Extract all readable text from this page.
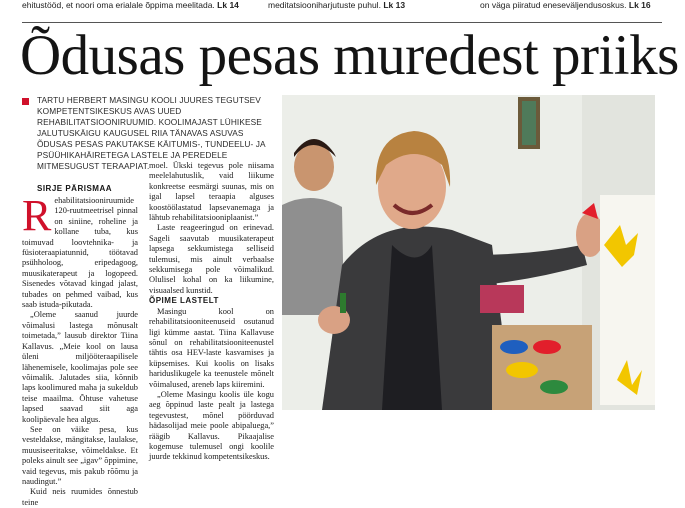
ehitustööd, et noori oma erialale õppima meelitada. Lk 14	meditatsiooniharjutuste puhul. Lk 13	on väga piiratud eneseväljendusoskus. Lk 16
Õdusas pesas muredest priiks
TARTU HERBERT MASINGU KOOLI JUURES TEGUTSEV KOMPETENTSIKESKUS AVAS UUED REHABILITATSIOONIRUUMID. KOOLIMAJAST LÜHIKESE JALUTUSKÄIGU KAUGUSEL RIIA TÄNAVAS ASUVAS ÕDUSAS PESAS PAKUTAKSE KÄITUMIS-, TUNDEELU- JA PSÜÜHIKAHÄIRETEGA LASTELE JA PEREDELE MITMESUGUST TERAAPIAT.
SIRJE PÄRISMAA

Rehabilitatsiooniruumide 120-ruutmeetrisel pinnal on siniine, roheline ja kollane tuba, kus toimuvad loovtehnika- ja füsioteraapiatunnid, töötavad psühholoog, eripedagoog, muusikaterapeut ja logopeed. Sisenedes võtavad kingad jalast, tubades on pehmed vaibad, kus saab istuda-pikutada.

„Oleme saanud juurde võimalusi lastega mõnusalt toimetada,” lausub direktor Tiina Kallavus. „Meie kool on lausa üleni miljööteraapilisele lähenemisele, koolimajas pole see võimalik. Jalutades siia, kõnnib laps koolimured maha ja sukeldub teise maailma. Õhtuse vahetuse lapsed saavad siit aga koolipäevale hea algus.

See on väike pesa, kus vesteldakse, mängitakse, laulakse, muusiseeritakse, võimeldakse. Et poleks ainult see „igav” õppimine, vaid tegevus, mis pakub rõõmu ja naudingut.”

Kuid neis ruumides õnnestub teine

moel. Ükski tegevus pole niisama meelelahutuslik, vaid liikume konkreetse eesmärgi suunas, mis on igal lapsel teraapia alguses koostöölastatud lapsevanemaga ja lähtub rehabilitatsiooniplaanist.”

Laste reageeringud on erinevad. Sageli saavutab muusikaterapeut lapsega sekkumistega selliseid tulemusi, mis ainult verbaalse sekkumisega pole võimalikud. Olulisel kohal on ka liikumine, visuaalsed kunstid.

ÕPIME LASTELT

Masingu kool on rehabilitatsiooniteenuseid osutanud ligi kümme aastat. Tiina Kallavuse sõnul on rehabilitatsiooniteenustel tähtis osa HEV-laste kasvamises ja küpsemises. Kui koolis on lisaks hariduslikugele ka teenustele mõnelt võimalused, areneb laps kiiremini.

„Oleme Masingu koolis üle kogu aeg õppinud laste pealt ja lastega tegevustest, mõnel pöörduvad hädasolijad meie poole abipaluega,” räägib Kallavus. Pikaajalise kogemuse tulemusel ongi koolile juurde tekkinud kompetentsikeskus.
